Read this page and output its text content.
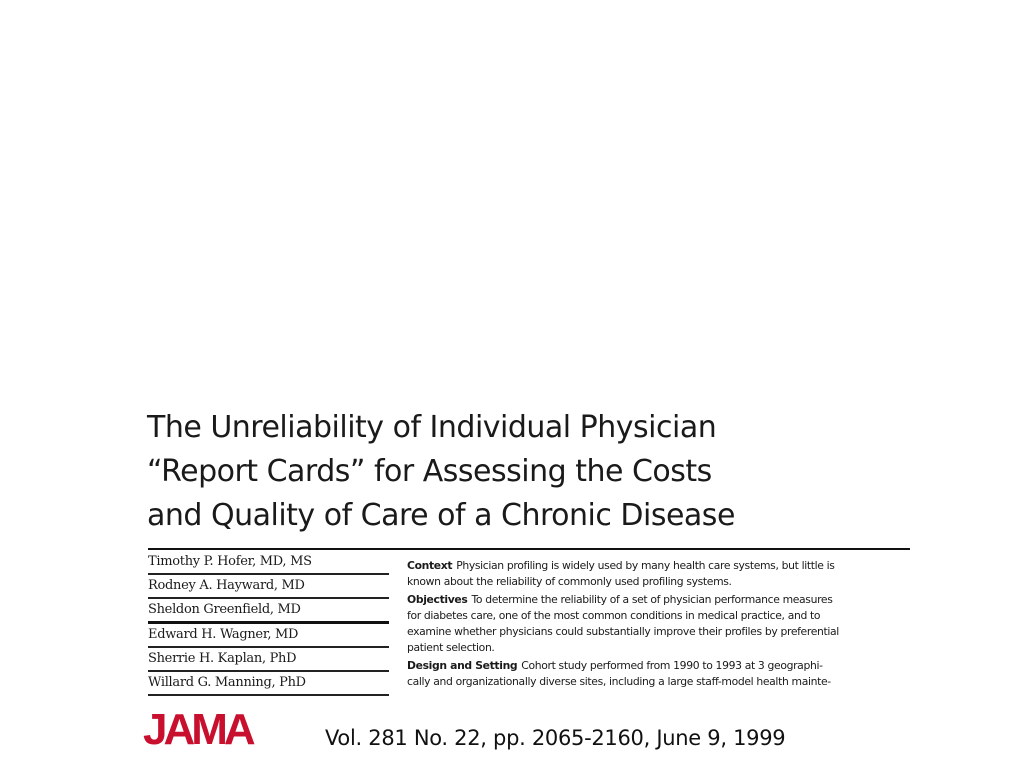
The Unreliability of Individual Physician
“Report Cards” for Assessing the Costs
and Quality of Care of a Chronic Disease
Timothy P. Hofer, MD, MS
Rodney A. Hayward, MD
Sheldon Greenfield, MD
Edward H. Wagner, MD
Sherrie H. Kaplan, PhD
Willard G. Manning, PhD

Context Physician profiling is widely used by many health care systems, but little is
known about the reliability of commonly used profiling systems.

Objectives To determine the reliability of a set of physician performance measures
for diabetes care, one of the most common conditions in medical practice, and to
examine whether physicians could substantially improve their profiles by preferential
patient selection.

Design and Setting Cohort study performed from 1990 to 1993 at 3 geographi-
cally and organizationally diverse sites, including a large staff-model health mainte-

JAMA	Vol. 281 No. 22, pp. 2065-2160, June 9, 1999
